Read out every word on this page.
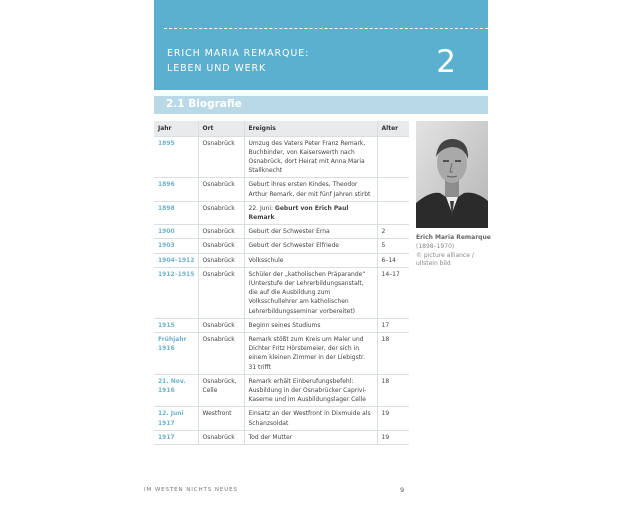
ERICH MARIA REMARQUE:
LEBEN UND WERK	2
2.1 Biografie
Jahr	Ort	Ereignis	Alter
1895	Osnabrück	Umzug des Vaters Peter Franz Remark, Buchbinder, von Kaiserswerth nach Osnabrück, dort Heirat mit Anna Maria Stallknecht	
1896	Osnabrück	Geburt ihres ersten Kindes, Theodor Arthur Remark, der mit fünf Jahren stirbt	
1898	Osnabrück	22. Juni: Geburt von Erich Paul Remark	
1900	Osnabrück	Geburt der Schwester Erna	2
1903	Osnabrück	Geburt der Schwester Elfriede	5
1904–1912	Osnabrück	Volksschule	6–14
1912–1915	Osnabrück	Schüler der „katholischen Präparande“ (Unterstufe der Lehrerbildungsanstalt, die auf die Ausbildung zum Volksschullehrer am katholischen Lehrerbildungsseminar vorbereitet)	14–17
1915	Osnabrück	Beginn seines Studiums	17
Frühjahr 1916	Osnabrück	Remark stößt zum Kreis um Maler und Dichter Fritz Hörstemeier, der sich in einem kleinen Zimmer in der Liebigstr. 31 trifft	18
21. Nov. 1916	Osnabrück, Celle	Remark erhält Einberufungsbefehl: Ausbildung in der Osnabrücker Caprivi-Kaserne und im Ausbildungslager Celle	18
12. Juni 1917	Westfront	Einsatz an der Westfront in Dixmuide als Schanzsoldat	19
1917	Osnabrück	Tod der Mutter	19
Erich Maria Remarque
(1898–1970)
© picture alliance / ullstein bild
IM WESTEN NICHTS NEUES	9
